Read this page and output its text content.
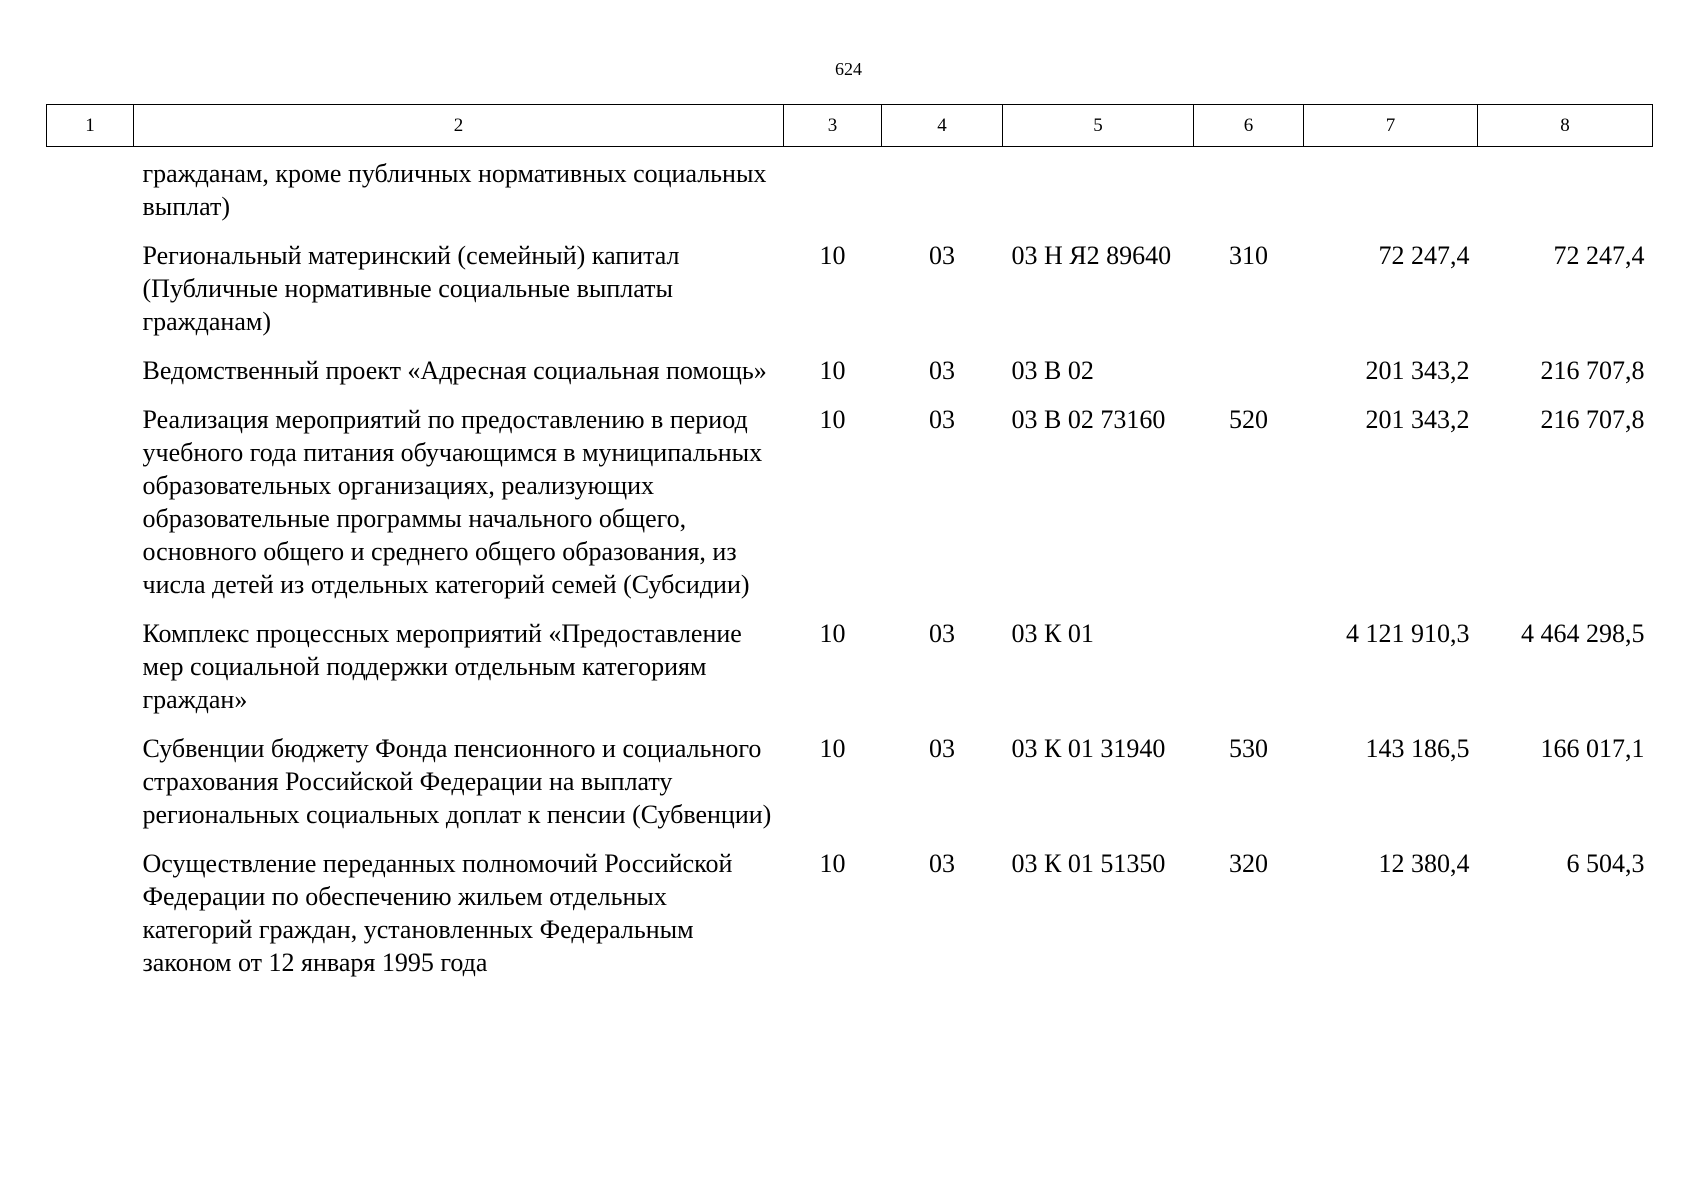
624
1	2	3	4	5	6	7	8
	гражданам, кроме публичных нормативных социальных выплат)						
	Региональный материнский (семейный) капитал (Публичные нормативные социальные выплаты гражданам)	10	03	03 Н Я2 89640	310	72 247,4	72 247,4
	Ведомственный проект «Адресная социальная помощь»	10	03	03 В 02		201 343,2	216 707,8
	Реализация мероприятий по предоставлению в период учебного года питания обучающимся в муниципальных образовательных организациях, реализующих образовательные программы начального общего, основного общего и среднего общего образования, из числа детей из отдельных категорий семей (Субсидии)	10	03	03 В 02 73160	520	201 343,2	216 707,8
	Комплекс процессных мероприятий «Предоставление мер социальной поддержки отдельным категориям граждан»	10	03	03 К 01		4 121 910,3	4 464 298,5
	Субвенции бюджету Фонда пенсионного и социального страхования Российской Федерации на выплату региональных социальных доплат к пенсии (Субвенции)	10	03	03 К 01 31940	530	143 186,5	166 017,1
	Осуществление переданных полномочий Российской Федерации по обеспечению жильем отдельных категорий граждан, установленных Федеральным законом от 12 января 1995 года	10	03	03 К 01 51350	320	12 380,4	6 504,3
